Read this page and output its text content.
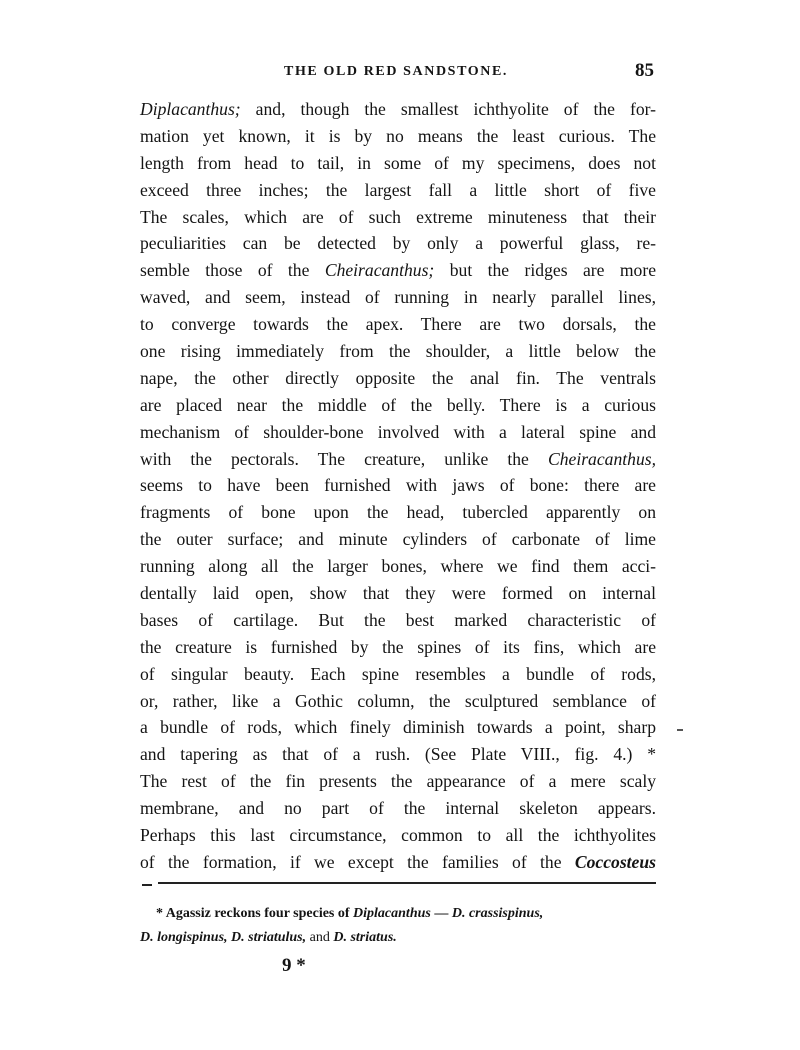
THE OLD RED SANDSTONE.	85
Diplacanthus; and, though the smallest ichthyolite of the for-
mation yet known, it is by no means the least curious. The
length from head to tail, in some of my specimens, does not
exceed three inches; the largest fall a little short of five
The scales, which are of such extreme minuteness that their
peculiarities can be detected by only a powerful glass, re-
semble those of the Cheiracanthus; but the ridges are more
waved, and seem, instead of running in nearly parallel lines,
to converge towards the apex. There are two dorsals, the
one rising immediately from the shoulder, a little below the
nape, the other directly opposite the anal fin. The ventrals
are placed near the middle of the belly. There is a curious
mechanism of shoulder-bone involved with a lateral spine and
with the pectorals. The creature, unlike the Cheiracanthus,
seems to have been furnished with jaws of bone: there are
fragments of bone upon the head, tubercled apparently on
the outer surface; and minute cylinders of carbonate of lime
running along all the larger bones, where we find them acci-
dentally laid open, show that they were formed on internal
bases of cartilage. But the best marked characteristic of
the creature is furnished by the spines of its fins, which are
of singular beauty. Each spine resembles a bundle of rods,
or, rather, like a Gothic column, the sculptured semblance of
a bundle of rods, which finely diminish towards a point, sharp
and tapering as that of a rush. (See Plate VIII., fig. 4.) *
The rest of the fin presents the appearance of a mere scaly
membrane, and no part of the internal skeleton appears.
Perhaps this last circumstance, common to all the ichthyolites
of the formation, if we except the families of the Coccosteus
* Agassiz reckons four species of Diplacanthus — D. crassispinus,
D. longispinus, D. striatulus, and D. striatus.
9 *
